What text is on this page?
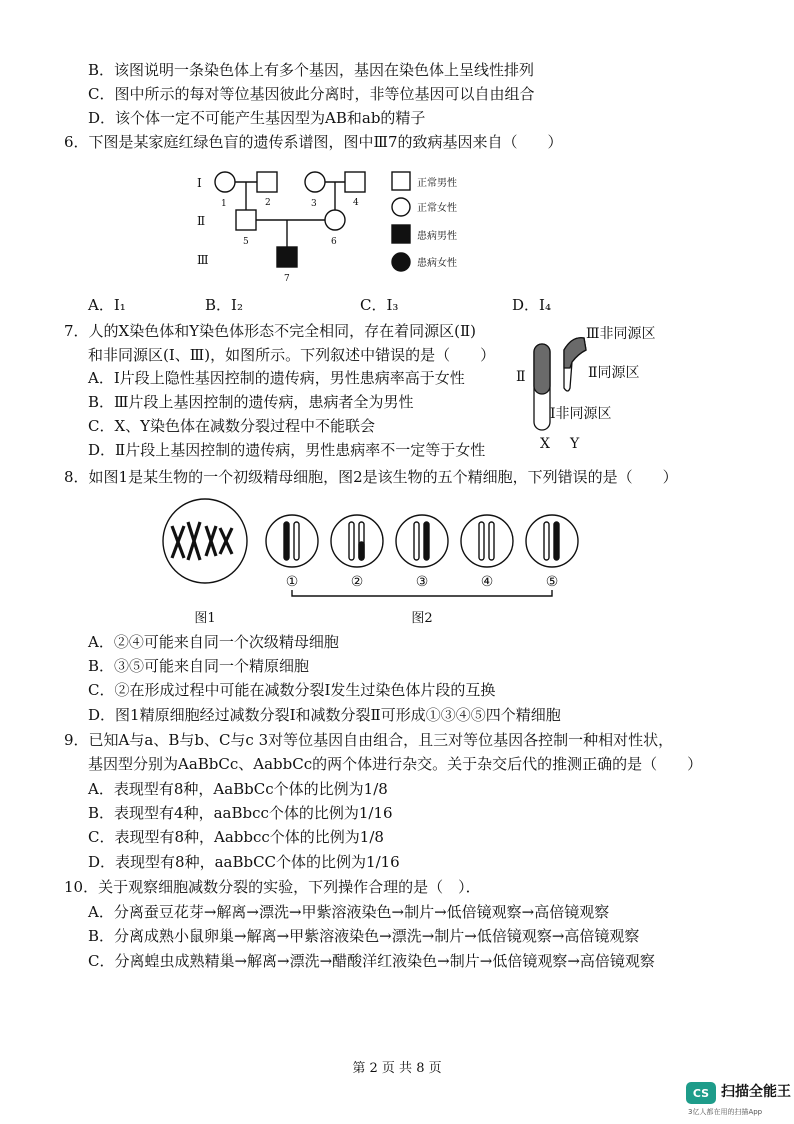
B．该图说明一条染色体上有多个基因，基因在染色体上呈线性排列
C．图中所示的每对等位基因彼此分离时，非等位基因可以自由组合
D．该个体一定不可能产生基因型为AB和ab的精子
6．下图是某家庭红绿色盲的遗传系谱图，图中Ⅲ7的致病基因来自（　　）
Ⅰ
Ⅱ
Ⅲ
1	2	3	4
5	6
7
正常男性
正常女性
患病男性
患病女性
A．I₁	B．I₂	C．I₃	D．I₄
7．人的X染色体和Y染色体形态不完全相同，存在着同源区(Ⅱ)
和非同源区(Ⅰ、Ⅲ)，如图所示。下列叙述中错误的是（　　）
A．Ⅰ片段上隐性基因控制的遗传病，男性患病率高于女性
B．Ⅲ片段上基因控制的遗传病，患病者全为男性
C．X、Y染色体在减数分裂过程中不能联会
D．Ⅱ片段上基因控制的遗传病，男性患病率不一定等于女性
Ⅲ非同源区
Ⅱ同源区
Ⅱ
Ⅰ非同源区
X Y
8．如图1是某生物的一个初级精母细胞，图2是该生物的五个精细胞，下列错误的是（　　）
①	②	③	④	⑤
图1	图2
A．②④可能来自同一个次级精母细胞
B．③⑤可能来自同一个精原细胞
C．②在形成过程中可能在减数分裂Ⅰ发生过染色体片段的互换
D．图1精原细胞经过减数分裂Ⅰ和减数分裂Ⅱ可形成①③④⑤四个精细胞
9．已知A与a、B与b、C与c 3对等位基因自由组合，且三对等位基因各控制一种相对性状，
基因型分别为AaBbCc、AabbCc的两个体进行杂交。关于杂交后代的推测正确的是（　　）
A．表现型有8种，AaBbCc个体的比例为1/8
B．表现型有4种，aaBbcc个体的比例为1/16
C．表现型有8种，Aabbcc个体的比例为1/8
D．表现型有8种，aaBbCC个体的比例为1/16
10．关于观察细胞减数分裂的实验，下列操作合理的是（　）．
A．分离蚕豆花芽→解离→漂洗→甲紫溶液染色→制片→低倍镜观察→高倍镜观察
B．分离成熟小鼠卵巢→解离→甲紫溶液染色→漂洗→制片→低倍镜观察→高倍镜观察
C．分离蝗虫成熟精巢→解离→漂洗→醋酸洋红液染色→制片→低倍镜观察→高倍镜观察
第 2 页 共 8 页
CS 扫描全能王
3亿人都在用的扫描App
